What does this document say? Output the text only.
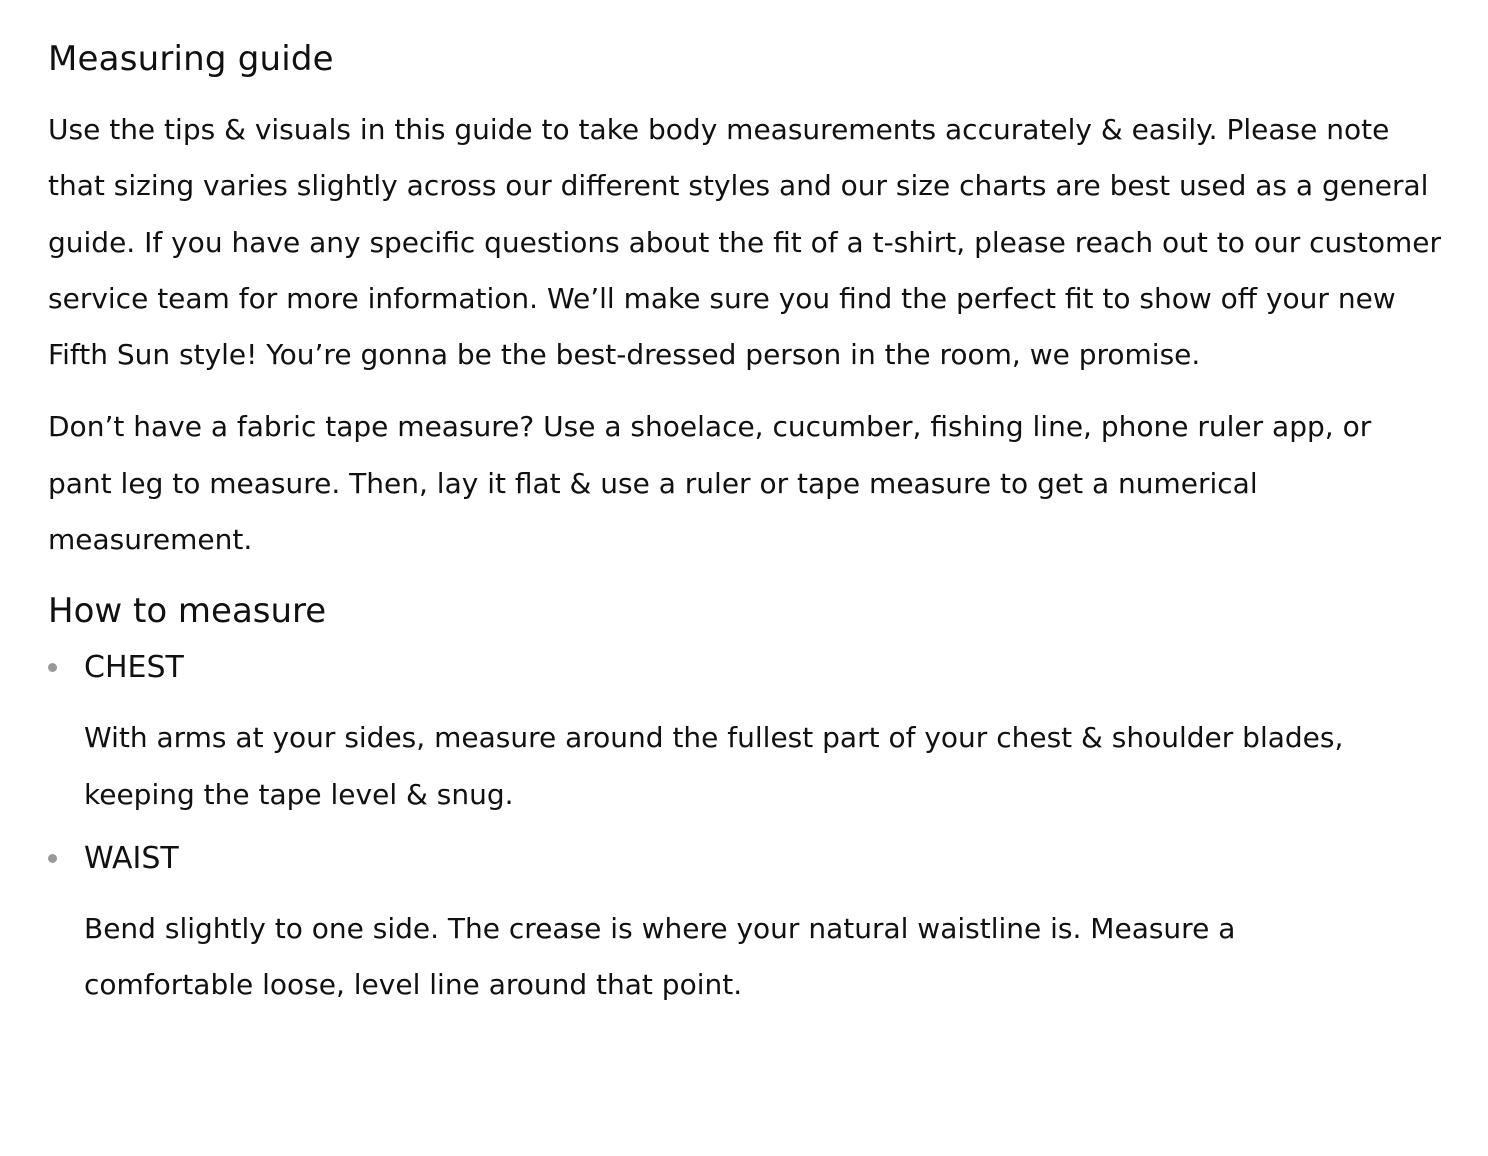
Measuring guide

Use the tips & visuals in this guide to take body measurements accurately & easily. Please note that sizing varies slightly across our different styles and our size charts are best used as a general guide. If you have any specific questions about the fit of a t-shirt, please reach out to our customer service team for more information. We’ll make sure you find the perfect fit to show off your new Fifth Sun style! You’re gonna be the best-dressed person in the room, we promise.

Don’t have a fabric tape measure? Use a shoelace, cucumber, fishing line, phone ruler app, or pant leg to measure. Then, lay it flat & use a ruler or tape measure to get a numerical measurement.

How to measure
CHEST

With arms at your sides, measure around the fullest part of your chest & shoulder blades, keeping the tape level & snug.

WAIST

Bend slightly to one side. The crease is where your natural waistline is. Measure a comfortable loose, level line around that point.
